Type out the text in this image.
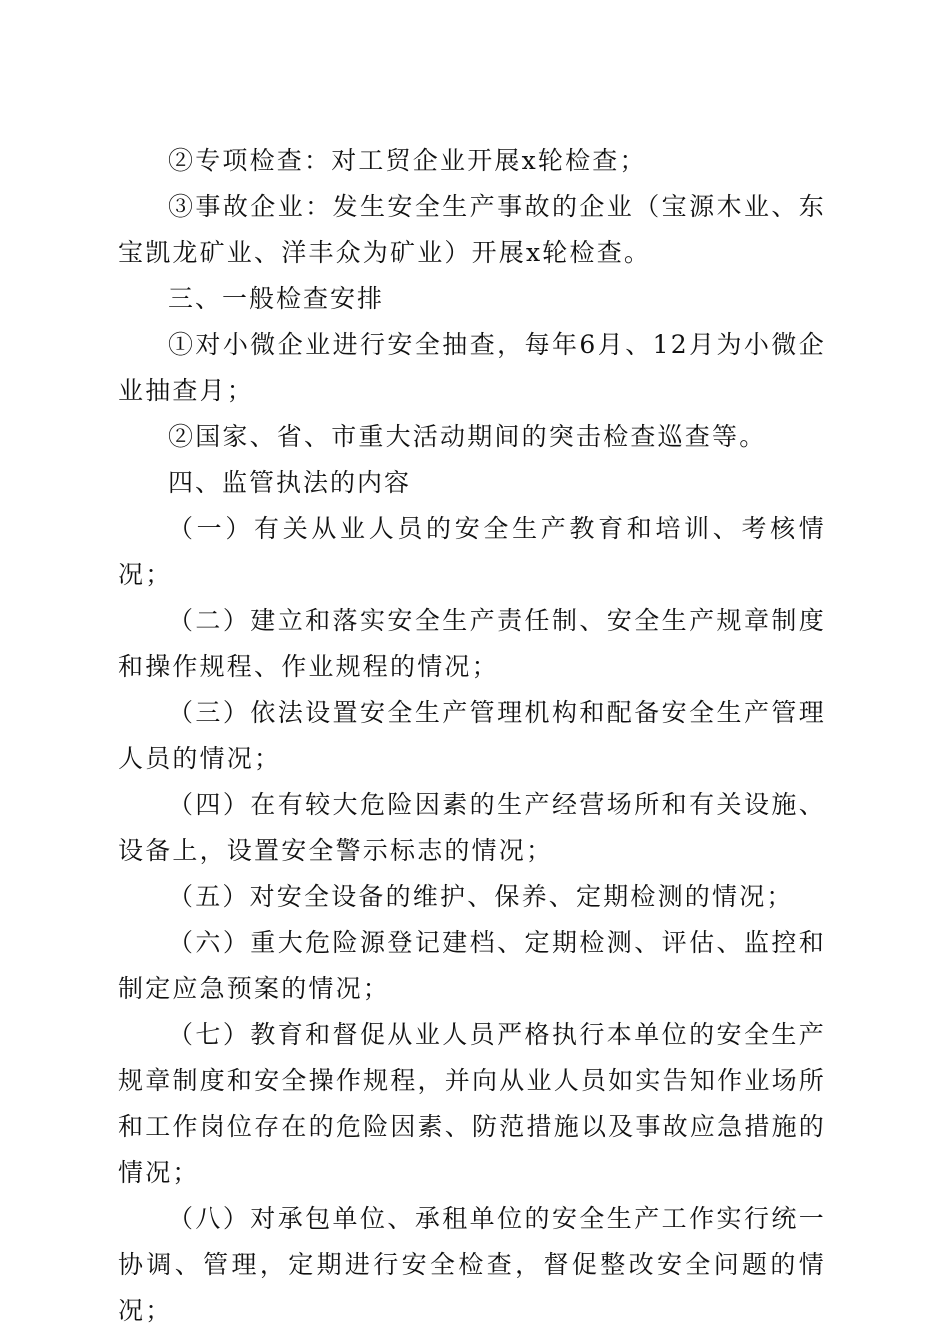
②专项检查：对工贸企业开展x轮检查；

③事故企业：发生安全生产事故的企业（宝源木业、东宝凯龙矿业、洋丰众为矿业）开展x轮检查。

三、一般检查安排

①对小微企业进行安全抽查，每年6月、12月为小微企业抽查月；

②国家、省、市重大活动期间的突击检查巡查等。

四、监管执法的内容

（一）有关从业人员的安全生产教育和培训、考核情况；

（二）建立和落实安全生产责任制、安全生产规章制度和操作规程、作业规程的情况；

（三）依法设置安全生产管理机构和配备安全生产管理人员的情况；

（四）在有较大危险因素的生产经营场所和有关设施、设备上，设置安全警示标志的情况；

（五）对安全设备的维护、保养、定期检测的情况；

（六）重大危险源登记建档、定期检测、评估、监控和制定应急预案的情况；

（七）教育和督促从业人员严格执行本单位的安全生产规章制度和安全操作规程，并向从业人员如实告知作业场所和工作岗位存在的危险因素、防范措施以及事故应急措施的情况；

（八）对承包单位、承租单位的安全生产工作实行统一协调、管理，定期进行安全检查，督促整改安全问题的情况；
